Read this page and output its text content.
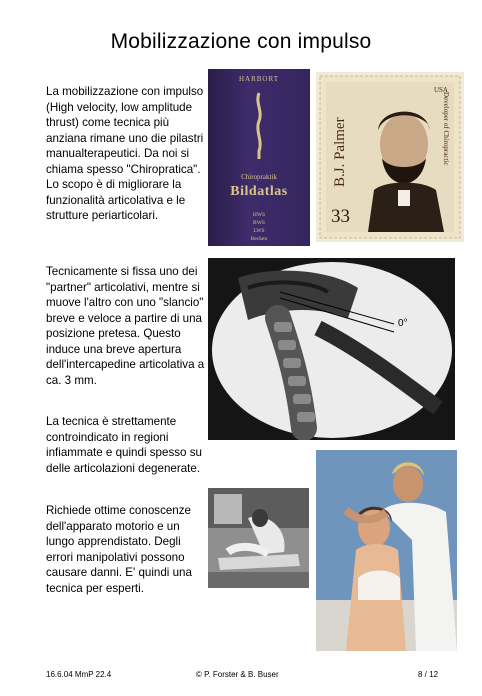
Mobilizzazione con impulso
La mobilizzazione con impulso (High velocity, low amplitude thrust) come tecnica più anziana rimane uno die pilastri manualterapeutici. Da noi si chiama spesso "Chiropratica". Lo scopo è di migliorare la funzionalità articolativa e le strutture periarticolari.
Tecnicamente si fissa uno dei "partner" articolativi, mentre si muove l'altro con uno "slancio" breve e veloce a partire di una posizione pretesa. Questo induce una breve apertura dell'intercapedine articolativa a ca. 3 mm.
La tecnica è strettamente controindicato in regioni infiammate e quindi spesso su delle articolazioni degenerate.
Richiede ottime conoscenze dell'apparato motorio e un lungo apprendistato. Degli errori manipolativi possono causare danni. E' quindi una tecnica per esperti.
HARBORT
Chiropraktik
Bildatlas
HWS
BWS
LWS
Becken
USA
B.J. Palmer
33
Developer of Chiropractic
0°
16.6.04 MmP 22.4	© P. Forster & B. Buser	8 / 12
